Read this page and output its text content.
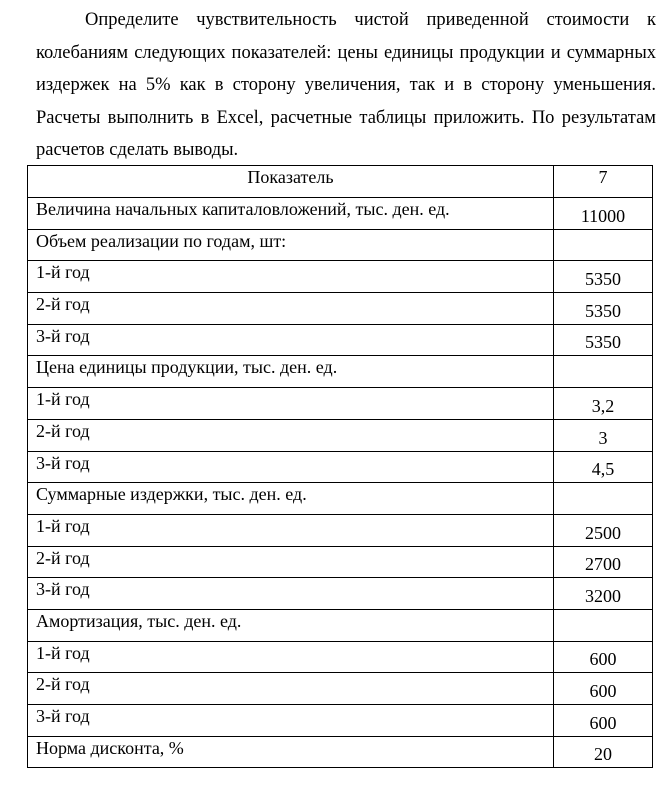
Определите чувствительность чистой приведенной стоимости к колебаниям следующих показателей: цены единицы продукции и суммарных издержек на 5% как в сторону увеличения, так и в сторону уменьшения. Расчеты выполнить в Excel, расчетные таблицы приложить. По результатам расчетов сделать выводы.

Показатель	7
Величина начальных капиталовложений, тыс. ден. ед.	11000
Объем реализации по годам, шт:	
1-й год	5350
2-й год	5350
3-й год	5350
Цена единицы продукции, тыс. ден. ед.	
1-й год	3,2
2-й год	3
3-й год	4,5
Суммарные издержки, тыс. ден. ед.	
1-й год	2500
2-й год	2700
3-й год	3200
Амортизация, тыс. ден. ед.	
1-й год	600
2-й год	600
3-й год	600
Норма дисконта, %	20
